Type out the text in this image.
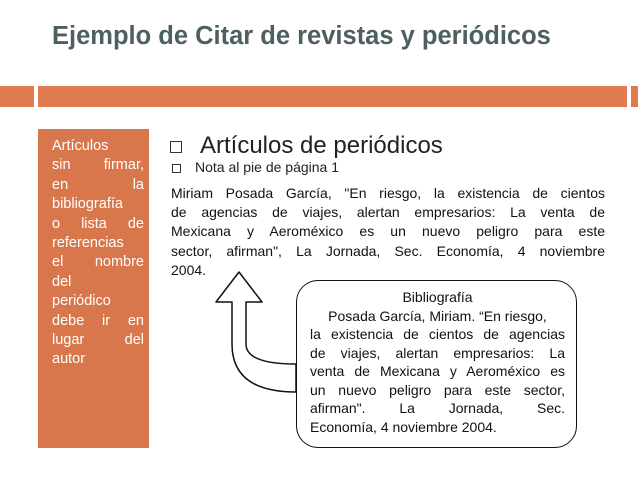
Ejemplo de Citar de revistas y periódicos
Artículos
sin firmar,
en la
bibliografía
o lista de
referencias
el nombre
del
periódico
debe ir en
lugar del
autor
Artículos de periódicos
Nota al pie de página 1
Miriam Posada García, "En riesgo, la existencia de cientos
de agencias de viajes, alertan empresarios: La venta de
Mexicana y Aeroméxico es un nuevo peligro para este
sector, afirman", La Jornada, Sec. Economía, 4 noviembre
2004.
Bibliografía
Posada García, Miriam. “En riesgo,
la existencia de cientos de agencias
de viajes, alertan empresarios: La
venta de Mexicana y Aeroméxico es
un nuevo peligro para este sector,
afirman". La Jornada, Sec.
Economía, 4 noviembre 2004.
